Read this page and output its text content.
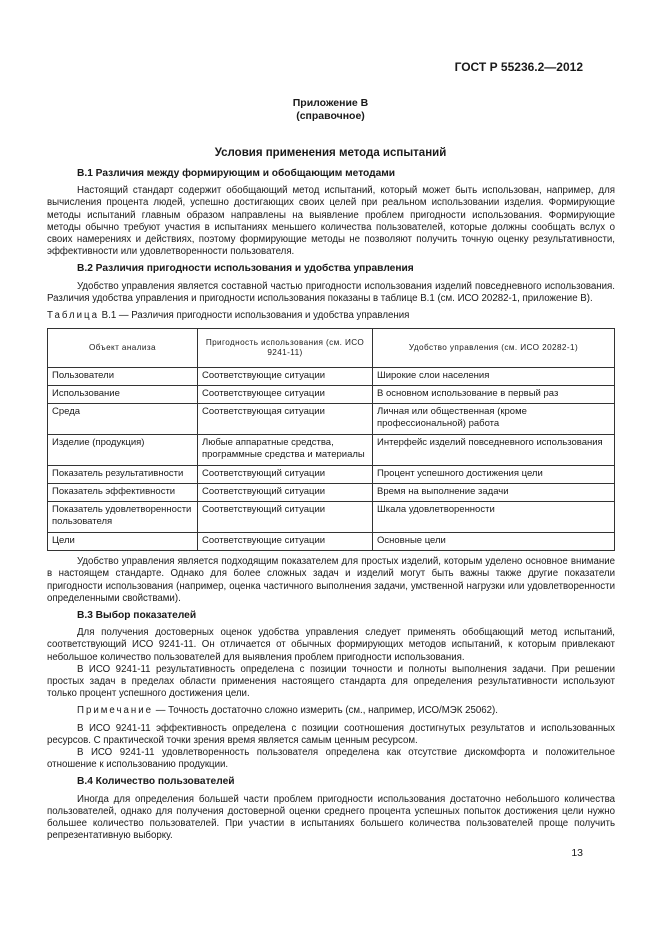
ГОСТ Р 55236.2—2012
Приложение В
(справочное)
Условия применения метода испытаний
В.1 Различия между формирующим и обобщающим методами

Настоящий стандарт содержит обобщающий метод испытаний, который может быть использован, например, для вычисления процента людей, успешно достигающих своих целей при реальном использовании изделия. Формирующие методы испытаний главным образом направлены на выявление проблем пригодности использования. Формирующие методы обычно требуют участия в испытаниях меньшего количества пользователей, которые должны сообщать вслух о своих намерениях и действиях, поэтому формирующие методы не позволяют получить точную оценку результативности, эффективности или удовлетворенности пользователя.

В.2 Различия пригодности использования и удобства управления

Удобство управления является составной частью пригодности использования изделий повседневного использования. Различия удобства управления и пригодности использования показаны в таблице В.1 (см. ИСО 20282-1, приложение В).

Таблица В.1 — Различия пригодности использования и удобства управления
Объект анализа	Пригодность использования (см. ИСО 9241-11)	Удобство управления (см. ИСО 20282-1)
Пользователи	Соответствующие ситуации	Широкие слои населения
Использование	Соответствующее ситуации	В основном использование в первый раз
Среда	Соответствующая ситуации	Личная или общественная (кроме профессиональной) работа
Изделие (продукция)	Любые аппаратные средства, программные средства и материалы	Интерфейс изделий повседневного использования
Показатель результативности	Соответствующий ситуации	Процент успешного достижения цели
Показатель эффективности	Соответствующий ситуации	Время на выполнение задачи
Показатель удовлетворенности пользователя	Соответствующий ситуации	Шкала удовлетворенности
Цели	Соответствующие ситуации	Основные цели

Удобство управления является подходящим показателем для простых изделий, которым уделено основное внимание в настоящем стандарте. Однако для более сложных задач и изделий могут быть важны также другие показатели пригодности использования (например, оценка частичного выполнения задачи, умственной нагрузки или удовлетворенности определенными свойствами).

В.3 Выбор показателей

Для получения достоверных оценок удобства управления следует применять обобщающий метод испытаний, соответствующий ИСО 9241-11. Он отличается от обычных формирующих методов испытаний, к которым привлекают небольшое количество пользователей для выявления проблем пригодности использования.

В ИСО 9241-11 результативность определена с позиции точности и полноты выполнения задачи. При решении простых задач в пределах области применения настоящего стандарта для определения результативности используют только процент успешного достижения цели.

Примечание — Точность достаточно сложно измерить (см., например, ИСО/МЭК 25062).

В ИСО 9241-11 эффективность определена с позиции соотношения достигнутых результатов и использованных ресурсов. С практической точки зрения время является самым ценным ресурсом.

В ИСО 9241-11 удовлетворенность пользователя определена как отсутствие дискомфорта и положительное отношение к использованию продукции.

В.4 Количество пользователей

Иногда для определения большей части проблем пригодности использования достаточно небольшого количества пользователей, однако для получения достоверной оценки среднего процента успешных попыток достижения цели нужно большее количество пользователей. При участии в испытаниях большего количества пользователей проще получить репрезентативную выборку.

13
